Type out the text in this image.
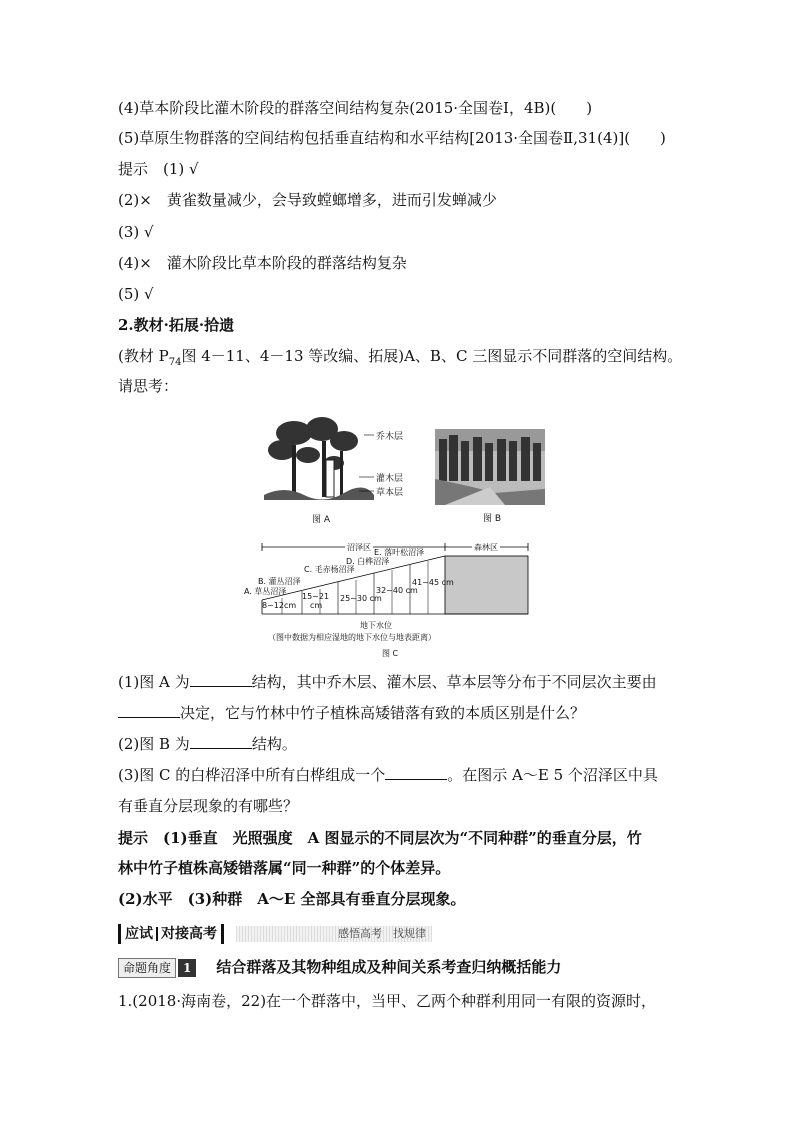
(4)草本阶段比灌木阶段的群落空间结构复杂(2015·全国卷Ⅰ，4B)(　　)
(5)草原生物群落的空间结构包括垂直结构和水平结构[2013·全国卷Ⅱ,31(4)](　　)
提示　(1) √
(2)×　黄雀数量减少，会导致螳螂增多，进而引发蝉减少
(3) √
(4)×　灌木阶段比草本阶段的群落结构复杂
(5) √
2.教材·拓展·拾遗
(教材 $P_{74}$图 4－11、4－13 等改编、拓展)A、B、C 三图显示不同群落的空间结构。
请思考：
乔木层
灌木层
草本层
图 A	图 B
沼泽区	森林区
A. 草丛沼泽
B. 灌丛沼泽
C. 毛赤杨沼泽
D. 白桦沼泽
E. 落叶松沼泽
8~12cm
15~21
cm
25~30 cm
32~40 cm
41~45 cm
地下水位
（图中数据为相应湿地的地下水位与地表距离）
图 C
(1)图 A 为	结构，其中乔木层、灌木层、草本层等分布于不同层次主要由
决定，它与竹林中竹子植株高矮错落有致的本质区别是什么？
(2)图 B 为	结构。
(3)图 C 的白桦沼泽中所有白桦组成一个	。在图示 A～E 5 个沼泽区中具
有垂直分层现象的有哪些？
提示　(1)垂直　光照强度　A 图显示的不同层次为“不同种群”的垂直分层，竹
林中竹子植株高矮错落属“同一种群”的个体差异。
(2)水平　(3)种群　A～E 全部具有垂直分层现象。
应试 对接高考	感悟高考　找规律
命题角度 1 结合群落及其物种组成及种间关系考查归纳概括能力
1.(2018·海南卷，22)在一个群落中，当甲、乙两个种群利用同一有限的资源时，
